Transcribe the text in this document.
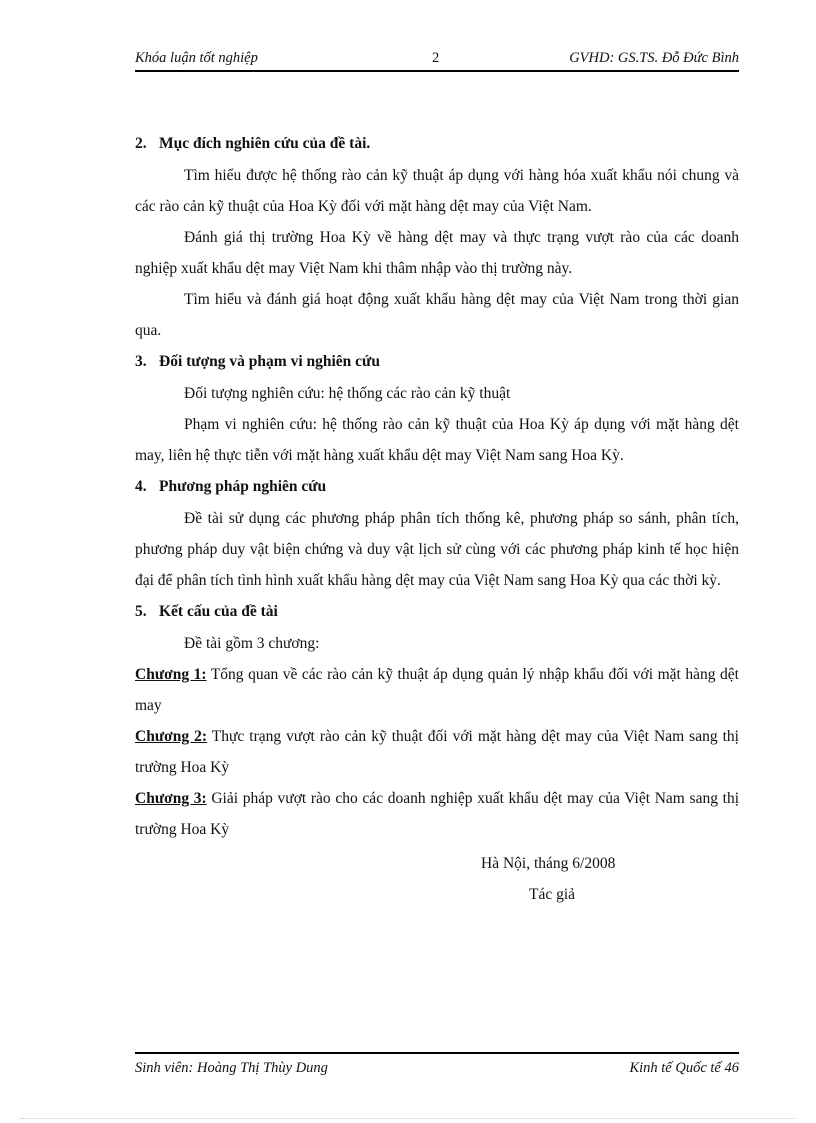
Khóa luận tốt nghiệp	2	GVHD: GS.TS. Đỗ Đức Bình

2. Mục đích nghiên cứu của đề tài.

Tìm hiểu được hệ thống rào cản kỹ thuật áp dụng với hàng hóa xuất khẩu nói chung và các rào cản kỹ thuật của Hoa Kỳ đối với mặt hàng dệt may của Việt Nam.

Đánh giá thị trường Hoa Kỳ về hàng dệt may và thực trạng vượt rào của các doanh nghiệp xuất khẩu dệt may Việt Nam khi thâm nhập vào thị trường này.

Tìm hiểu và đánh giá hoạt động xuất khẩu hàng dệt may của Việt Nam trong thời gian qua.

3. Đối tượng và phạm vi nghiên cứu

Đối tượng nghiên cứu: hệ thống các rào cản kỹ thuật

Phạm vi nghiên cứu: hệ thống rào cản kỹ thuật của Hoa Kỳ áp dụng với mặt hàng dệt may, liên hệ thực tiễn với mặt hàng xuất khẩu dệt may Việt Nam sang Hoa Kỳ.

4. Phương pháp nghiên cứu

Đề tài sử dụng các phương pháp phân tích thống kê, phương pháp so sánh, phân tích, phương pháp duy vật biện chứng và duy vật lịch sử cùng với các phương pháp kinh tế học hiện đại để phân tích tình hình xuất khẩu hàng dệt may của Việt Nam sang Hoa Kỳ qua các thời kỳ.

5. Kết cấu của đề tài

Đề tài gồm 3 chương:

Chương 1: Tổng quan về các rào cản kỹ thuật áp dụng quản lý nhập khẩu đối với mặt hàng dệt may

Chương 2: Thực trạng vượt rào cản kỹ thuật đối với mặt hàng dệt may của Việt Nam sang thị trường Hoa Kỳ

Chương 3: Giải pháp vượt rào cho các doanh nghiệp xuất khẩu dệt may của Việt Nam sang thị trường Hoa Kỳ

Hà Nội, tháng 6/2008

Tác giả

Sinh viên: Hoàng Thị Thùy Dung	Kinh tế Quốc tế 46
